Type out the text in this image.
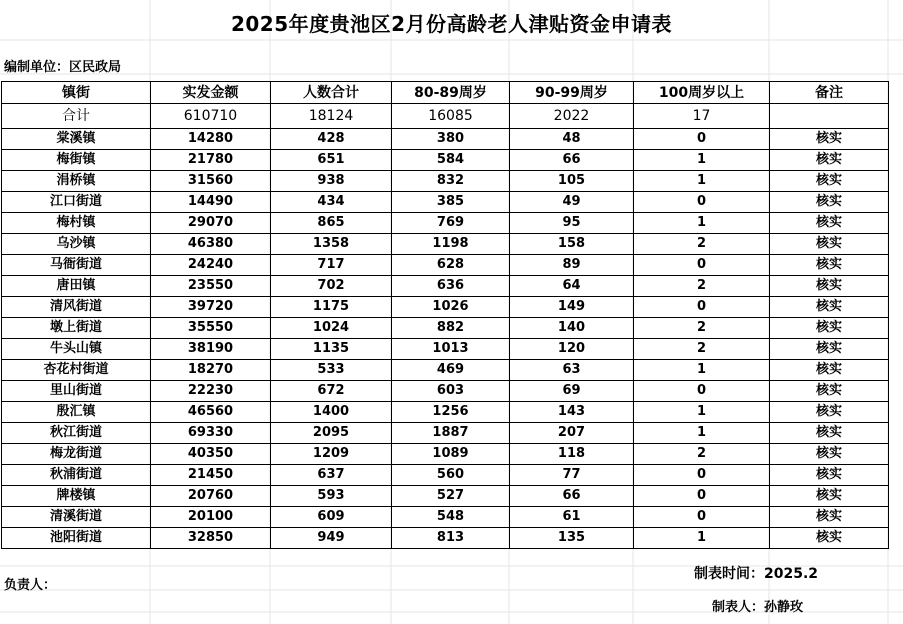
2025年度贵池区2月份高龄老人津贴资金申请表
编制单位：区民政局
镇街	实发金额	人数合计	80-89周岁	90-99周岁	100周岁以上	备注
合计	610710	18124	16085	2022	17	
棠溪镇	14280	428	380	48	0	核实
梅街镇	21780	651	584	66	1	核实
涓桥镇	31560	938	832	105	1	核实
江口街道	14490	434	385	49	0	核实
梅村镇	29070	865	769	95	1	核实
乌沙镇	46380	1358	1198	158	2	核实
马衙街道	24240	717	628	89	0	核实
唐田镇	23550	702	636	64	2	核实
清风街道	39720	1175	1026	149	0	核实
墩上街道	35550	1024	882	140	2	核实
牛头山镇	38190	1135	1013	120	2	核实
杏花村街道	18270	533	469	63	1	核实
里山街道	22230	672	603	69	0	核实
殷汇镇	46560	1400	1256	143	1	核实
秋江街道	69330	2095	1887	207	1	核实
梅龙街道	40350	1209	1089	118	2	核实
秋浦街道	21450	637	560	77	0	核实
牌楼镇	20760	593	527	66	0	核实
清溪街道	20100	609	548	61	0	核实
池阳街道	32850	949	813	135	1	核实
负责人：
制表时间：2025.2
制表人：孙静玫
